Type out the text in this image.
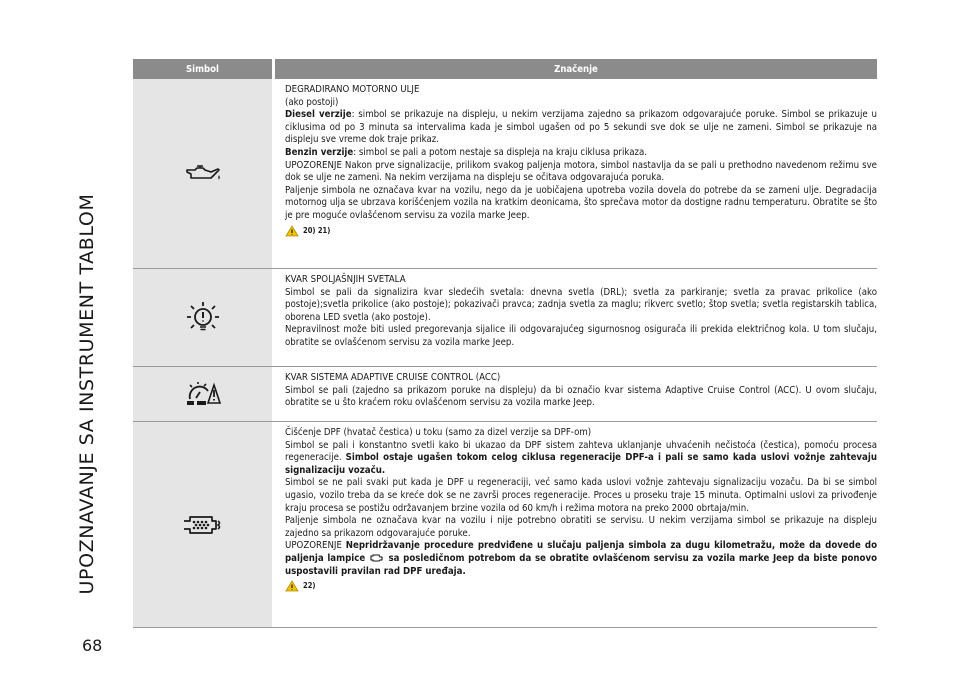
UPOZNAVANJE SA INSTRUMENT TABLOM
68
Simbol	Značenje

DEGRADIRANO MOTORNO ULJE

(ako postoji)

Diesel verzije: simbol se prikazuje na displeju, u nekim verzijama zajedno sa prikazom odgovarajuće poruke. Simbol se prikazuje u ciklusima od po 3 minuta sa intervalima kada je simbol ugašen od po 5 sekundi sve dok se ulje ne zameni. Simbol se prikazuje na displeju sve vreme dok traje prikaz.

Benzin verzije: simbol se pali a potom nestaje sa displeja na kraju ciklusa prikaza.

UPOZORENJE Nakon prve signalizacije, prilikom svakog paljenja motora, simbol nastavlja da se pali u prethodno navedenom režimu sve dok se ulje ne zameni. Na nekim verzijama na displeju se očitava odgovarajuća poruka.

Paljenje simbola ne označava kvar na vozilu, nego da je uobičajena upotreba vozila dovela do potrebe da se zameni ulje. Degradacija motornog ulja se ubrzava korišćenjem vozila na kratkim deonicama, što sprečava motor da dostigne radnu temperaturu. Obratite se što je pre moguće ovlašćenom servisu za vozila marke Jeep.

20) 21)

KVAR SPOLJAŠNJIH SVETALA

Simbol se pali da signalizira kvar sledećih svetala: dnevna svetla (DRL); svetla za parkiranje; svetla za pravac prikolice (ako postoje);svetla prikolice (ako postoje); pokazivači pravca; zadnja svetla za maglu; rikverc svetlo; štop svetla; svetla registarskih tablica, oborena LED svetla (ako postoje).

Nepravilnost može biti usled pregorevanja sijalice ili odgovarajućeg sigurnosnog osigurača ili prekida električnog kola. U tom slučaju, obratite se ovlašćenom servisu za vozila marke Jeep.

KVAR SISTEMA ADAPTIVE CRUISE CONTROL (ACC)

Simbol se pali (zajedno sa prikazom poruke na displeju) da bi označio kvar sistema Adaptive Cruise Control (ACC). U ovom slučaju, obratite se u što kraćem roku ovlašćenom servisu za vozila marke Jeep.

Čišćenje DPF (hvatač čestica) u toku (samo za dizel verzije sa DPF-om)

Simbol se pali i konstantno svetli kako bi ukazao da DPF sistem zahteva uklanjanje uhvaćenih nečistoća (čestica), pomoću procesa regeneracije. Simbol ostaje ugašen tokom celog ciklusa regeneracije DPF-a i pali se samo kada uslovi vožnje zahtevaju signalizaciju vozaču.

Simbol se ne pali svaki put kada je DPF u regeneraciji, već samo kada uslovi vožnje zahtevaju signalizaciju vozaču. Da bi se simbol ugasio, vozilo treba da se kreće dok se ne završi proces regeneracije. Proces u proseku traje 15 minuta. Optimalni uslovi za privođenje kraju procesa se postižu održavanjem brzine vozila od 60 km/h i režima motora na preko 2000 obrtaja/min.

Paljenje simbola ne označava kvar na vozilu i nije potrebno obratiti se servisu. U nekim verzijama simbol se prikazuje na displeju zajedno sa prikazom odgovarajuće poruke.

UPOZORENJE Nepridržavanje procedure predviđene u slučaju paljenja simbola za dugu kilometražu, može da dovede do paljenja lampice  sa posledičnom potrebom da se obratite ovlašćenom servisu za vozila marke Jeep da biste ponovo uspostavili pravilan rad DPF uređaja.

22)
